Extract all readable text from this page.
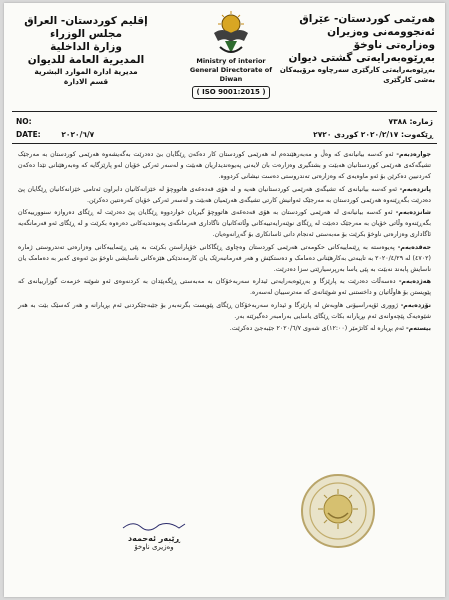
هەرێمی کوردستان- عێراق
ئەنجوومەنی وەزیران
وەزارەتی ناوخۆ
بەڕێوەبەرایەتی گشتی دیوان
بەڕێوەبەرایەتی کارگێری سەرچاوە مرۆییەکان
بەشی کارگێری
Ministry of interior
General Directorate of Diwan
( ISO 9001:2015 )
إقليم كوردستان- العراق
مجلس الوزراء
وزارة الداخلية
المديرية العامة للديوان
مديرية ادارة الموارد البشرية
قسم الادارة
NO:
DATE:	٢٠٢٠/٦/٧
ژمارە: ٧٣٨٨
ڕێکەوت: ٢٠٢٠/٢/١٧ کوردی ٢٧٢٠

جوارەدبەم- ئەو کەسە بیانیانەی کە وەڵ و مەبەرهێندەم لە هەرێمی کوردستان کار دەکەن ڕێگایان بێ دەدرێت بەگەیشەوە هەرێمی کوردستان بە مەرجێک تشیگەکەی هەرێمی کوردستانیان هەبێت و بشتگیری وەزارەت بان لایەنی پەیوەندیداریان هەبێت و لەسەر ئەرکی خۆیان لەو پارێزگایە کە وەبەرهێنانی تێدا دەکەن کەردنیین دەکرێن بۆ ئەو ماوەیەی کە وەزارەتی تەندروستی دەست نیشانی کردووە.

پانزدەبەم- ئەو کەسە بیانیانەی کە تشیگەی هەرێمی کوردستانیان هەیە و لە هۆی قەدەغەی هاتووچۆ لە خێزانەکانیان دابراون ئەتامی خێزانەکانیان ڕێگایان پێ دەدرێت بگەڕێنەوە هەرێمی کوردستان بە مەرجێک ئەوانیش کارتی تشیگەی هەرێمیان هەبێت و لەسەر ئەرکی خۆیان کەرەنتین دەکرێن.

شانزدەبەم- ئەو کەسە بیانیانەی لە هەرێمی کوردستان بە هۆی قەدەغەی هاتووچۆ گیریان خواردووە ڕێگایان پێ دەدرێت لە ڕێگای دەروازە سنوورییەکان بگەڕێنەوە وڵاتی خۆیان بە مەرجێک دەبێت لە ڕێگای نوێنەرایەتییەکانی وڵاتەکانیان ناگاداری فەرمانگەی پەیوەندیەکانی دەرەوە بکرێت و لە ڕێگای ئەو فەرمانگەیە ئاگاداری وەزارەتی ناوخۆ بکرێت بۆ مەبەستی ئەنجام دانی ئاسانکاری بۆ گەڕانەوەیان.

حەقدەبەم- پەیوەستە بە ڕێنماییەکانی حکومەتی هەرێمی کوردستان وەچاوی ڕێگاکانی خۆپاراستن بکرێت بە پێی ڕێنماییەکانی وەزارەتی تەندروستی ژمارە (٤٧٠٢) لە ٢٠٢٠/٤/٢٩ بە تایبەتی بەکارهێنانی دەمامک و دەستکێش و هەر فەرمانبەرێک یان کارمەندێکی هێزەکانی ناسایشی ناوخۆ بێ ئەوەی کەیر بە دەمامک یان ناسایش پابەند نەبێت بە پێی یاسا بەرپرسیارێتی سزا دەدرێت.

هەژدەبەم- دەسەڵات دەدرێت بە پارێزگا و بەڕێوەبەرایەتی ئیدارە سەربەخۆکان بە مەبەستی ڕێگەپێدان بە کردنەوەی ئەو شوێنە خزمەت گوزارییانەی کە پێویستن بۆ هاوڵاتیان و داخستنی ئەو شوێنانەی کە مەترسییان لەسەرە.

نۆزدەبەم- ژووری ئۆپەراسیۆنی هاوبەش لە پارێزگا و ئیدارە سەربەخۆکان ڕێگای پێویست بگرنەبەر بۆ جێبەجێکردنی ئەم بڕیارانە و هەر کەسێک بێت بە هەر شێوەیەک پێچەوانەی ئەم بڕیارانە بکات ڕێگای یاسایی بەرامبەر دەگیرێتە بەر.

بیستەم- ئەم بڕیارە لە کاتژمێر (١٢:٠٠)ی شەوی ٢٠٢٠/٦/٧ جێبەجێ دەکرێت.

ڕێبەر ئەحمەد
وەزیری ناوخۆ
